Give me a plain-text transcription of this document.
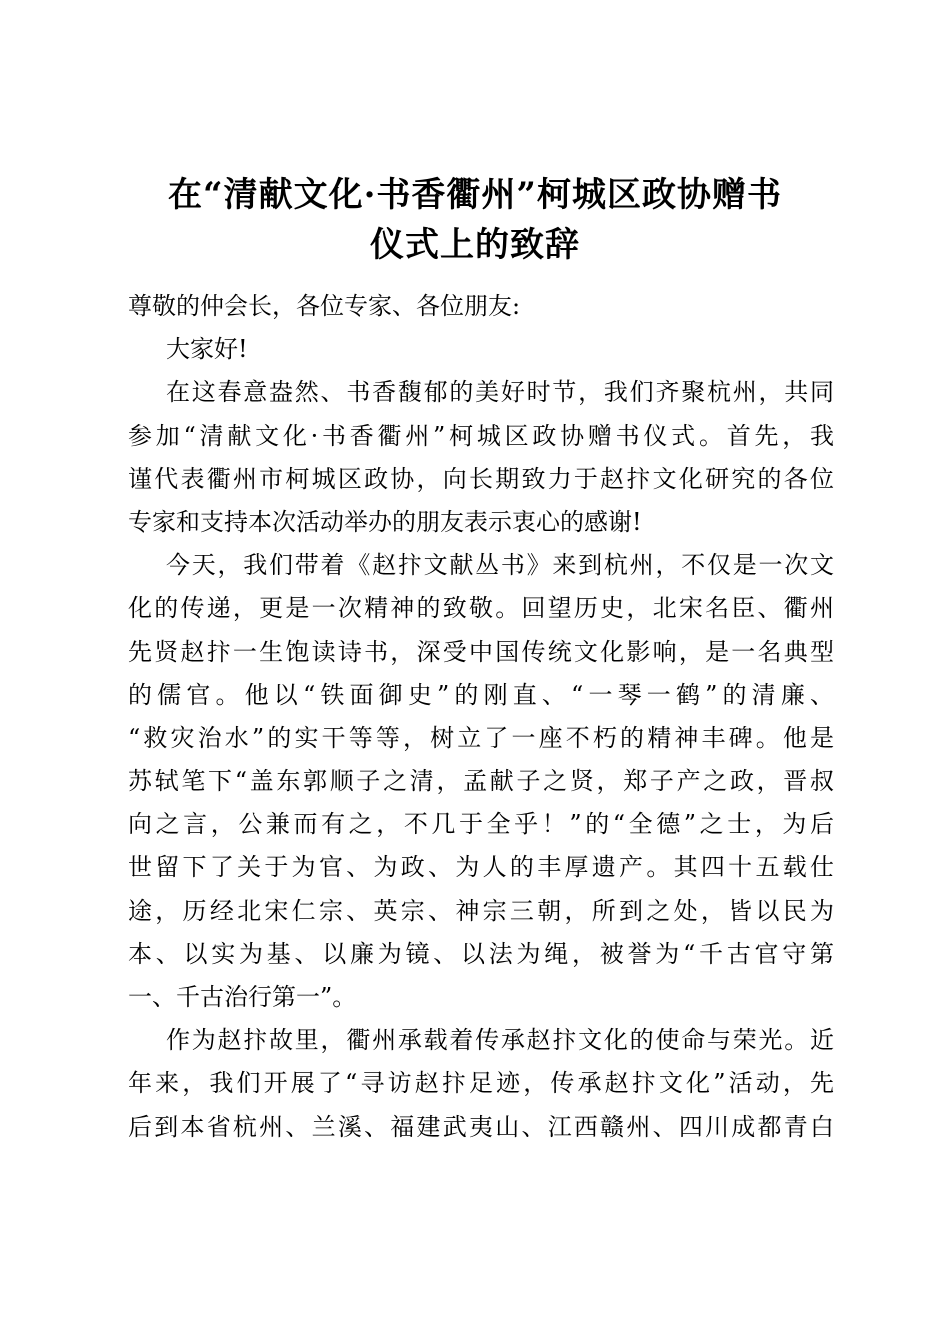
在“清献文化·书香衢州”柯城区政协赠书
仪式上的致辞

尊敬的仲会长，各位专家、各位朋友:

大家好!

在这春意盎然、书香馥郁的美好时节，我们齐聚杭州，共同
参加“清献文化·书香衢州”柯城区政协赠书仪式。首先，我
谨代表衢州市柯城区政协，向长期致力于赵抃文化研究的各位
专家和支持本次活动举办的朋友表示衷心的感谢!

今天，我们带着《赵抃文献丛书》来到杭州，不仅是一次文
化的传递，更是一次精神的致敬。回望历史，北宋名臣、衢州
先贤赵抃一生饱读诗书，深受中国传统文化影响，是一名典型
的儒官。他以“铁面御史”的刚直、“一琴一鹤”的清廉、
“救灾治水”的实干等等，树立了一座不朽的精神丰碑。他是
苏轼笔下“盖东郭顺子之清，孟献子之贤，郑子产之政，晋叔
向之言，公兼而有之，不几于全乎！”的“全德”之士，为后
世留下了关于为官、为政、为人的丰厚遗产。其四十五载仕
途，历经北宋仁宗、英宗、神宗三朝，所到之处，皆以民为
本、以实为基、以廉为镜、以法为绳，被誉为“千古官守第
一、千古治行第一”。

作为赵抃故里，衢州承载着传承赵抃文化的使命与荣光。近
年来，我们开展了“寻访赵抃足迹，传承赵抃文化”活动，先
后到本省杭州、兰溪、福建武夷山、江西赣州、四川成都青白
